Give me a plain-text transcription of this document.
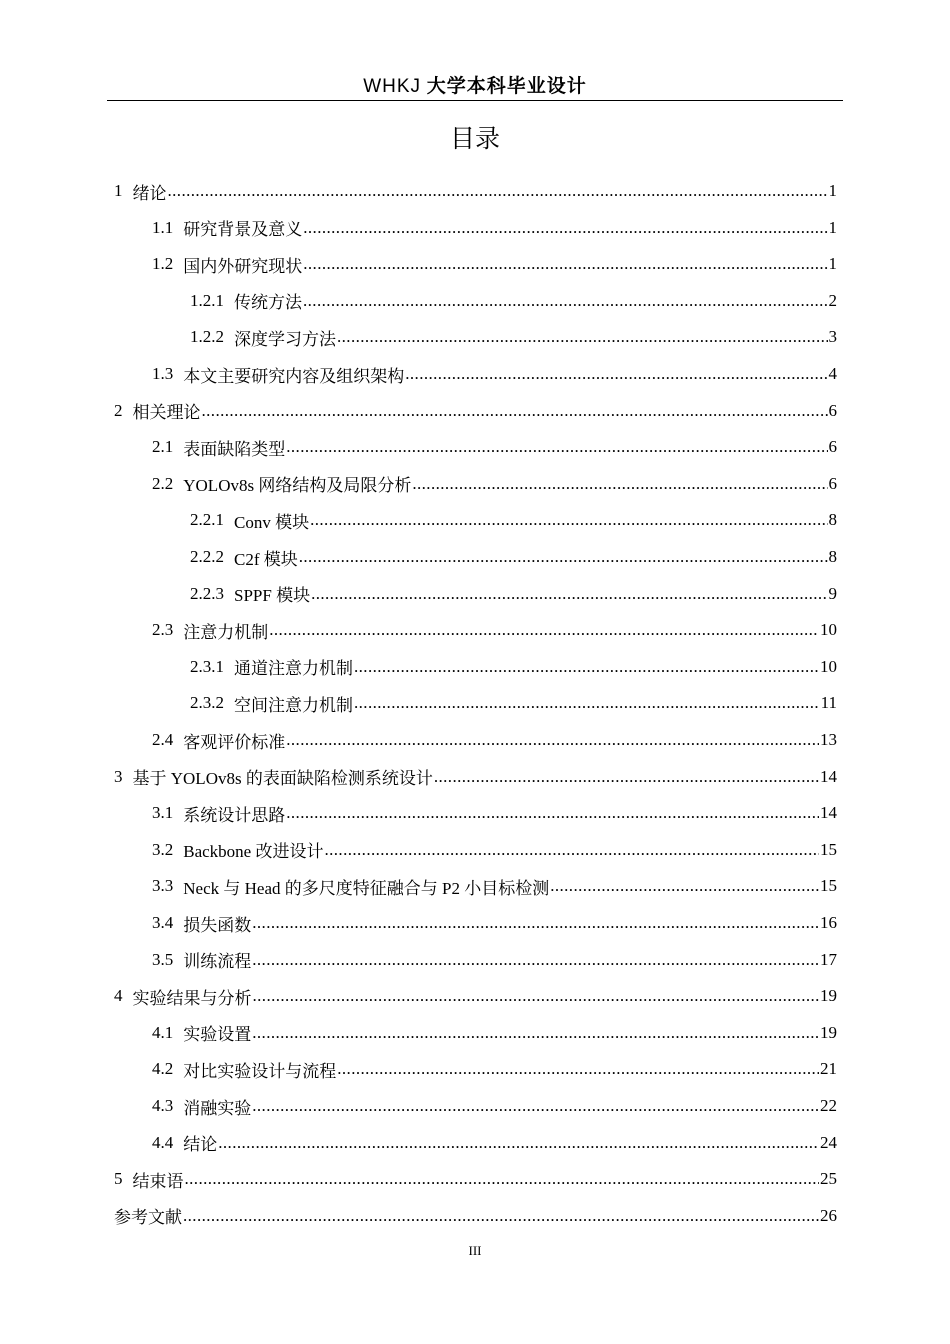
WHKJ 大学本科毕业设计
目录
1 绪论 .....	1
1.1 研究背景及意义 .....	1
1.2 国内外研究现状 .....	1
1.2.1 传统方法 .....	2
1.2.2 深度学习方法 .....	3
1.3 本文主要研究内容及组织架构 .....	4
2 相关理论 .....	6
2.1 表面缺陷类型 .....	6
2.2 YOLOv8s 网络结构及局限分析 .....	6
2.2.1 Conv 模块 .....	8
2.2.2 C2f 模块 .....	8
2.2.3 SPPF 模块 .....	9
2.3 注意力机制 .....	10
2.3.1 通道注意力机制 .....	10
2.3.2 空间注意力机制 .....	11
2.4 客观评价标准 .....	13
3 基于 YOLOv8s 的表面缺陷检测系统设计 .....	14
3.1 系统设计思路 .....	14
3.2 Backbone 改进设计 .....	15
3.3 Neck 与 Head 的多尺度特征融合与 P2 小目标检测 .....	15
3.4 损失函数 .....	16
3.5 训练流程 .....	17
4 实验结果与分析 .....	19
4.1 实验设置 .....	19
4.2 对比实验设计与流程 .....	21
4.3 消融实验 .....	22
4.4 结论 .....	24
5 结束语 .....	25
参考文献 .....	26
III
